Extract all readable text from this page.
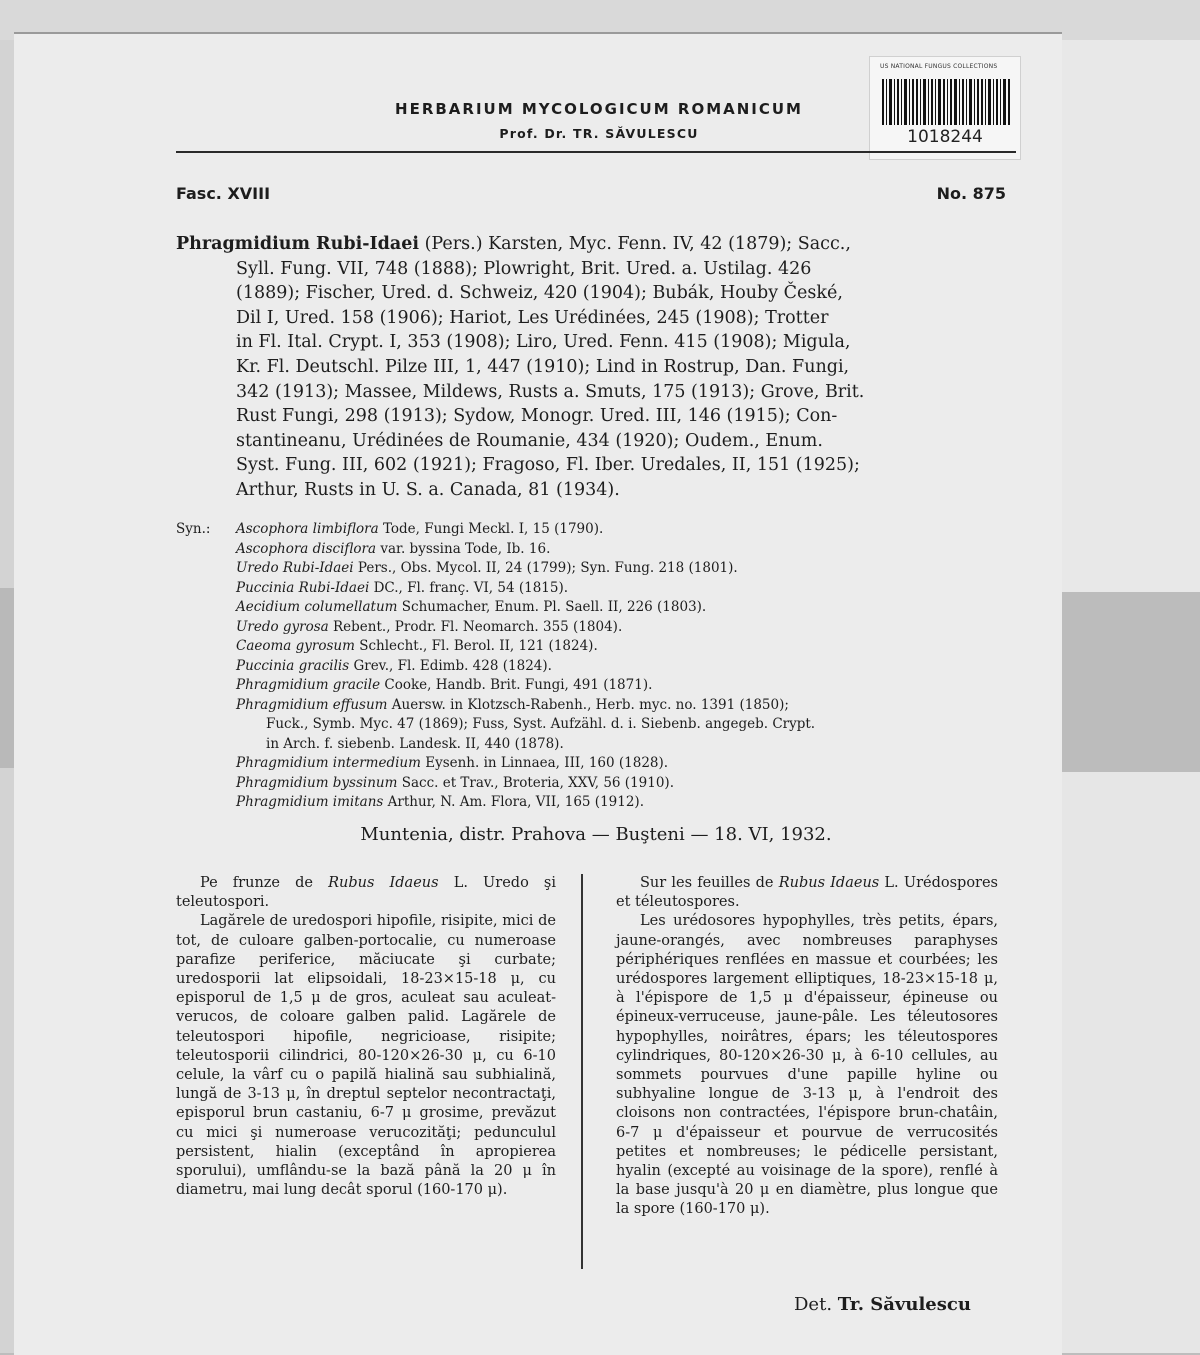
US NATIONAL FUNGUS COLLECTIONS
1018244
HERBARIUM MYCOLOGICUM ROMANICUM
Prof. Dr. TR. SĂVULESCU
Fasc. XVIII	No. 875
Phragmidium Rubi-Idaei (Pers.) Karsten, Myc. Fenn. IV, 42 (1879); Sacc.,
Syll. Fung. VII, 748 (1888); Plowright, Brit. Ured. a. Ustilag. 426
(1889); Fischer, Ured. d. Schweiz, 420 (1904); Bubák, Houby České,
Dil I, Ured. 158 (1906); Hariot, Les Urédinées, 245 (1908); Trotter
in Fl. Ital. Crypt. I, 353 (1908); Liro, Ured. Fenn. 415 (1908); Migula,
Kr. Fl. Deutschl. Pilze III, 1, 447 (1910); Lind in Rostrup, Dan. Fungi,
342 (1913); Massee, Mildews, Rusts a. Smuts, 175 (1913); Grove, Brit.
Rust Fungi, 298 (1913); Sydow, Monogr. Ured. III, 146 (1915); Con-
stantineanu, Urédinées de Roumanie, 434 (1920); Oudem., Enum.
Syst. Fung. III, 602 (1921); Fragoso, Fl. Iber. Uredales, II, 151 (1925);
Arthur, Rusts in U. S. a. Canada, 81 (1934).
Syn.: Ascophora limbiflora Tode, Fungi Meckl. I, 15 (1790).
Ascophora disciflora var. byssina Tode, Ib. 16.
Uredo Rubi-Idaei Pers., Obs. Mycol. II, 24 (1799); Syn. Fung. 218 (1801).
Puccinia Rubi-Idaei DC., Fl. franç. VI, 54 (1815).
Aecidium columellatum Schumacher, Enum. Pl. Saell. II, 226 (1803).
Uredo gyrosa Rebent., Prodr. Fl. Neomarch. 355 (1804).
Caeoma gyrosum Schlecht., Fl. Berol. II, 121 (1824).
Puccinia gracilis Grev., Fl. Edimb. 428 (1824).
Phragmidium gracile Cooke, Handb. Brit. Fungi, 491 (1871).
Phragmidium effusum Auersw. in Klotzsch-Rabenh., Herb. myc. no. 1391 (1850);
Fuck., Symb. Myc. 47 (1869); Fuss, Syst. Aufzähl. d. i. Siebenb. angegeb. Crypt.
in Arch. f. siebenb. Landesk. II, 440 (1878).
Phragmidium intermedium Eysenh. in Linnaea, III, 160 (1828).
Phragmidium byssinum Sacc. et Trav., Broteria, XXV, 56 (1910).
Phragmidium imitans Arthur, N. Am. Flora, VII, 165 (1912).
Muntenia, distr. Prahova — Buşteni — 18. VI, 1932.

Pe frunze de Rubus Idaeus L. Uredo şi teleutospori.

Lagărele de uredospori hipofile, risipite, mici de tot, de culoare galben-portocalie, cu numeroase parafize periferice, măciucate şi curbate; uredosporii lat elipsoidali, 18-23×15-18 μ, cu episporul de 1,5 μ de gros, aculeat sau aculeat-verucos, de coloare galben palid. Lagărele de teleutospori hipofile, negricioase, risipite; teleutosporii cilindrici, 80-120×26-30 μ, cu 6-10 celule, la vârf cu o papilă hialină sau subhialină, lungă de 3-13 μ, în dreptul septelor necontractaţi, episporul brun castaniu, 6-7 μ grosime, prevăzut cu mici şi numeroase verucozităţi; pedunculul persistent, hialin (exceptând în apropierea sporului), umflându-se la bază până la 20 μ în diametru, mai lung decât sporul (160-170 μ).

Sur les feuilles de Rubus Idaeus L. Urédospores et téleutospores.

Les urédosores hypophylles, très petits, épars, jaune-orangés, avec nombreuses paraphyses périphériques renflées en massue et courbées; les urédospores largement elliptiques, 18-23×15-18 μ, à l'épispore de 1,5 μ d'épaisseur, épineuse ou épineux-verruceuse, jaune-pâle. Les téleutosores hypophylles, noirâtres, épars; les téleutospores cylindriques, 80-120×26-30 μ, à 6-10 cellules, au sommets pourvues d'une papille hyline ou subhyaline longue de 3-13 μ, à l'endroit des cloisons non contractées, l'épispore brun-chatâin, 6-7 μ d'épaisseur et pourvue de verrucosités petites et nombreuses; le pédicelle persistant, hyalin (excepté au voisinage de la spore), renflé à la base jusqu'à 20 μ en diamètre, plus longue que la spore (160-170 μ).

Det. Tr. Săvulescu
